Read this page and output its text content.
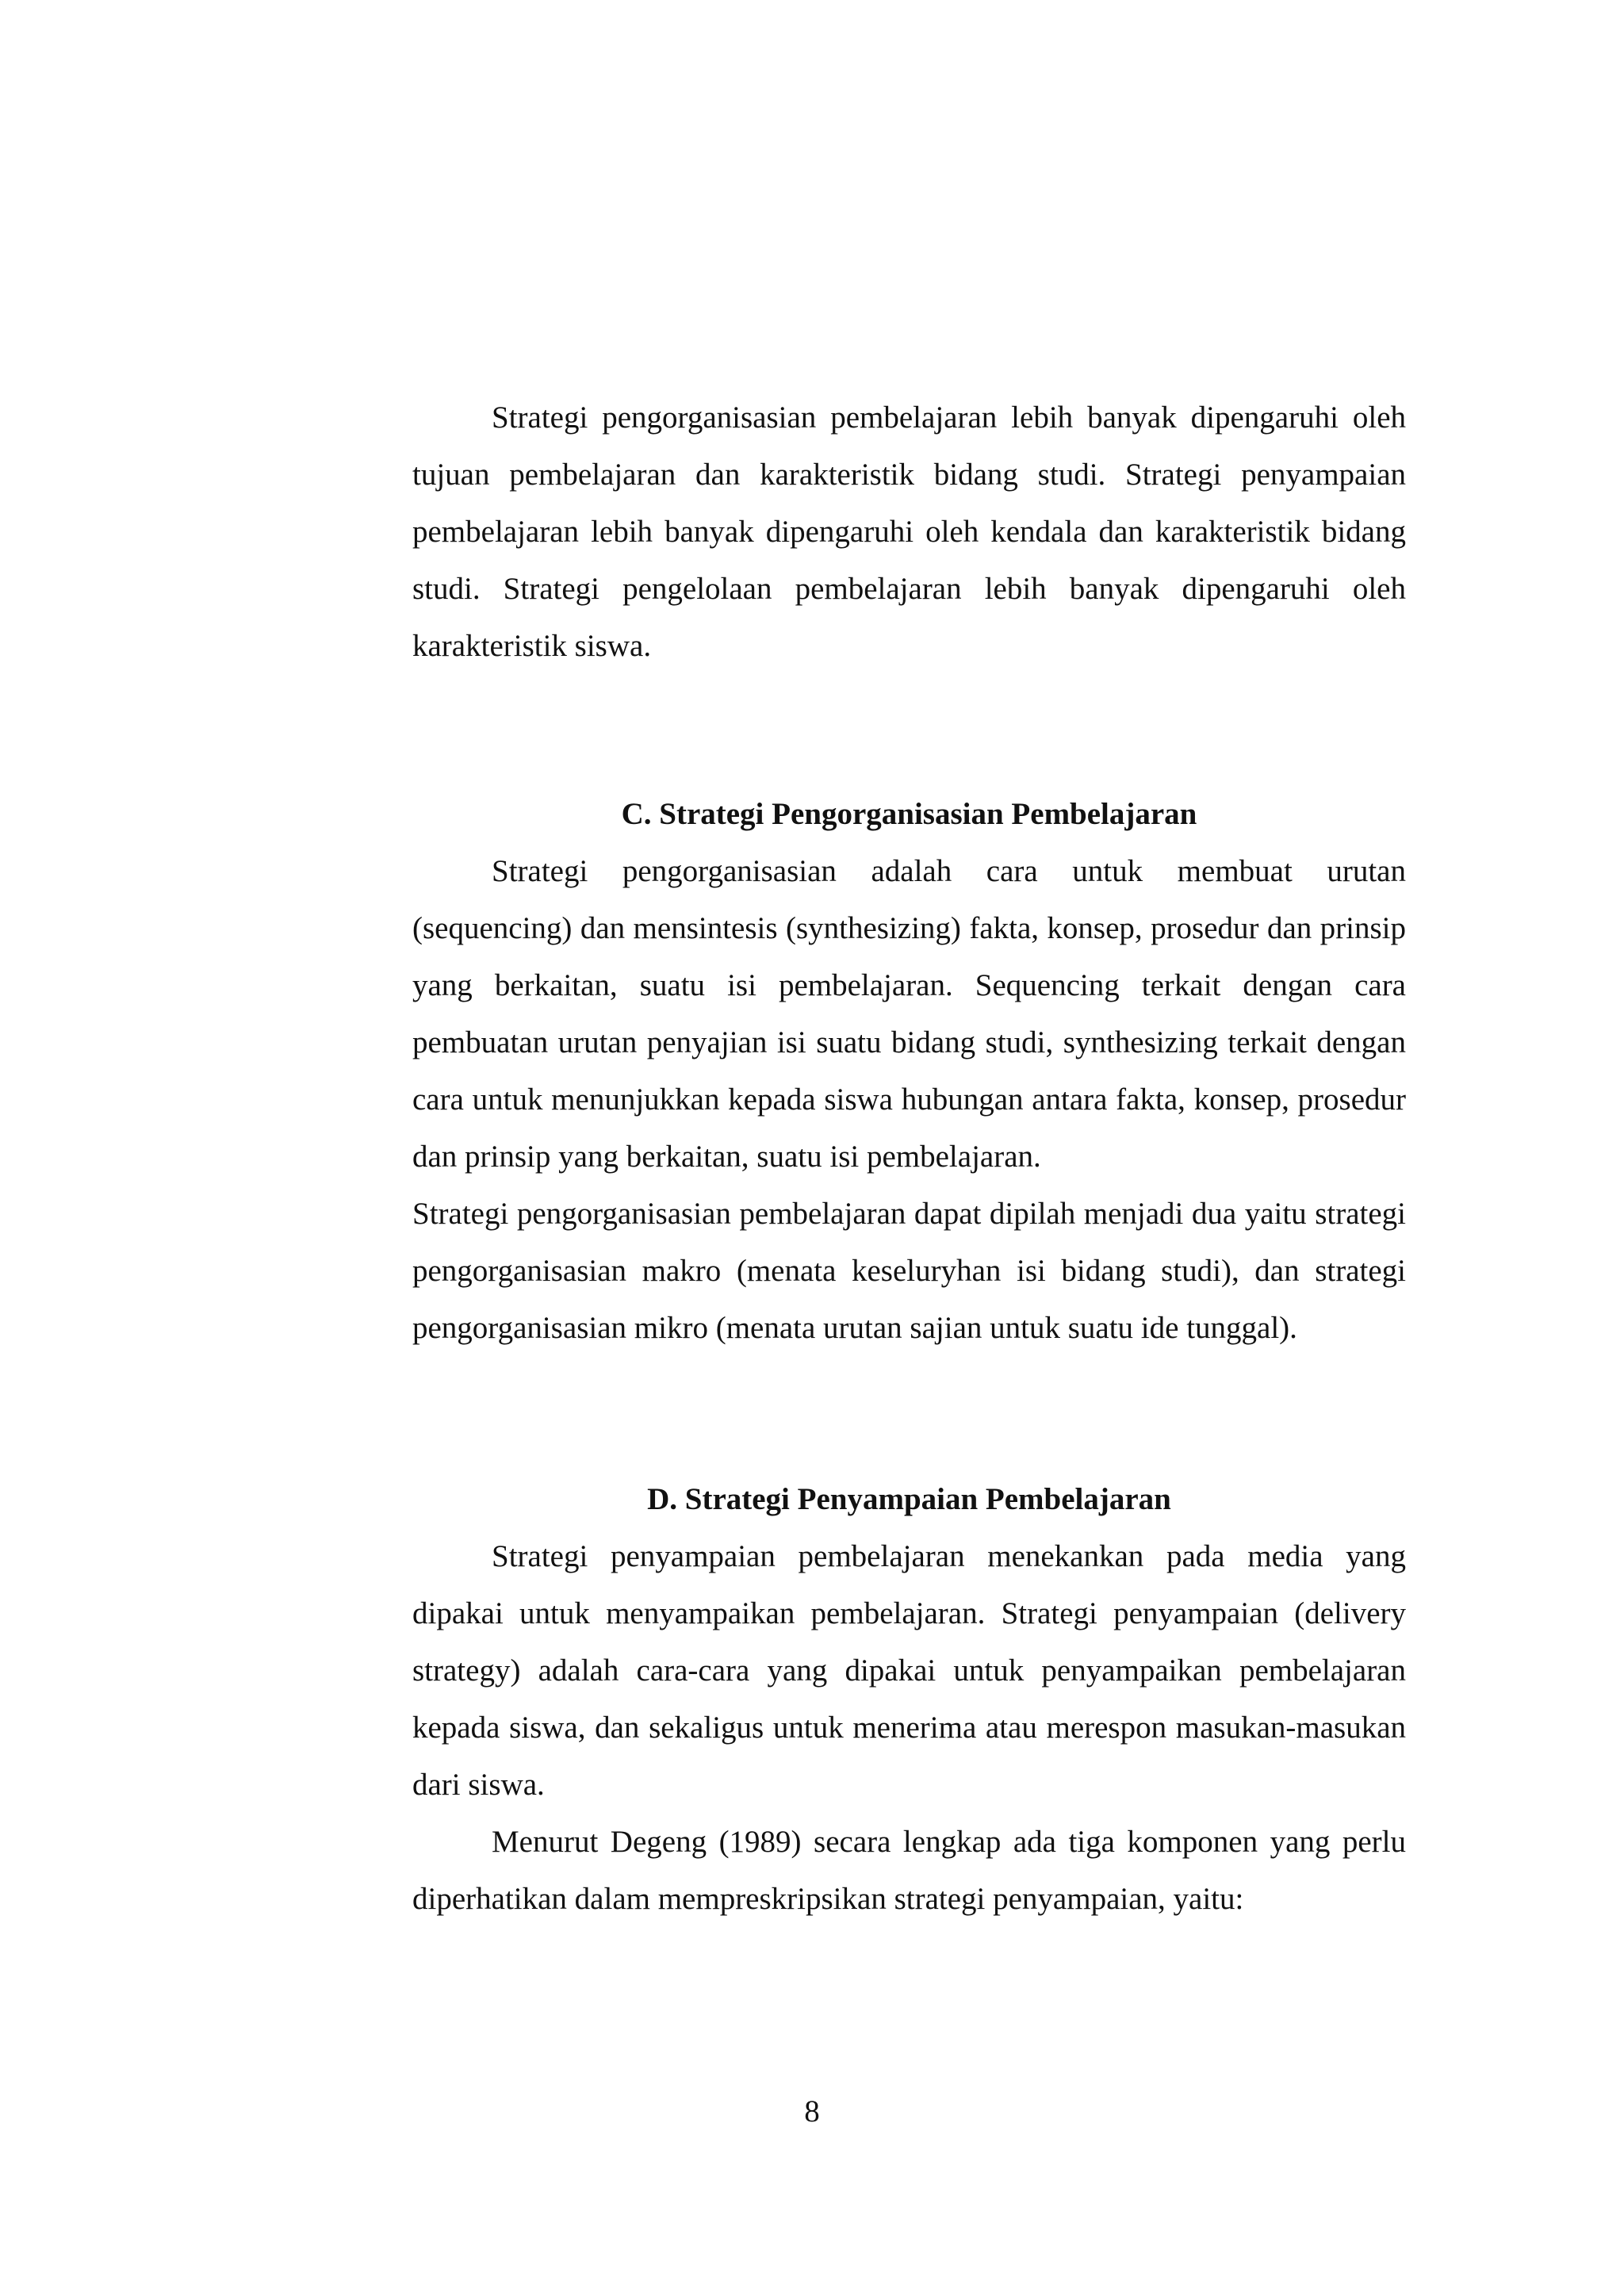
Strategi pengorganisasian pembelajaran lebih banyak dipengaruhi oleh tujuan pembelajaran dan karakteristik bidang studi. Strategi penyampaian pembelajaran lebih banyak dipengaruhi oleh kendala dan karakteristik bidang studi. Strategi pengelolaan pembelajaran lebih banyak dipengaruhi oleh karakteristik siswa.

C. Strategi Pengorganisasian Pembelajaran

Strategi pengorganisasian adalah cara untuk membuat urutan (sequencing) dan mensintesis (synthesizing) fakta, konsep, prosedur dan prinsip yang berkaitan, suatu isi pembelajaran. Sequencing terkait dengan cara pembuatan urutan penyajian isi suatu bidang studi, synthesizing terkait dengan cara untuk menunjukkan kepada siswa hubungan antara fakta, konsep, prosedur dan prinsip yang berkaitan, suatu isi pembelajaran.

Strategi pengorganisasian pembelajaran dapat dipilah menjadi dua yaitu strategi pengorganisasian makro (menata keseluryhan isi bidang studi), dan strategi pengorganisasian mikro (menata urutan sajian untuk suatu ide tunggal).

D. Strategi Penyampaian Pembelajaran

Strategi penyampaian pembelajaran menekankan pada media yang dipakai untuk menyampaikan pembelajaran. Strategi penyampaian (delivery strategy) adalah cara-cara yang dipakai untuk penyampaikan pembelajaran kepada siswa, dan sekaligus untuk menerima atau merespon masukan-masukan dari siswa.

Menurut Degeng (1989) secara lengkap ada tiga komponen yang perlu diperhatikan dalam mempreskripsikan strategi penyampaian, yaitu:

8
